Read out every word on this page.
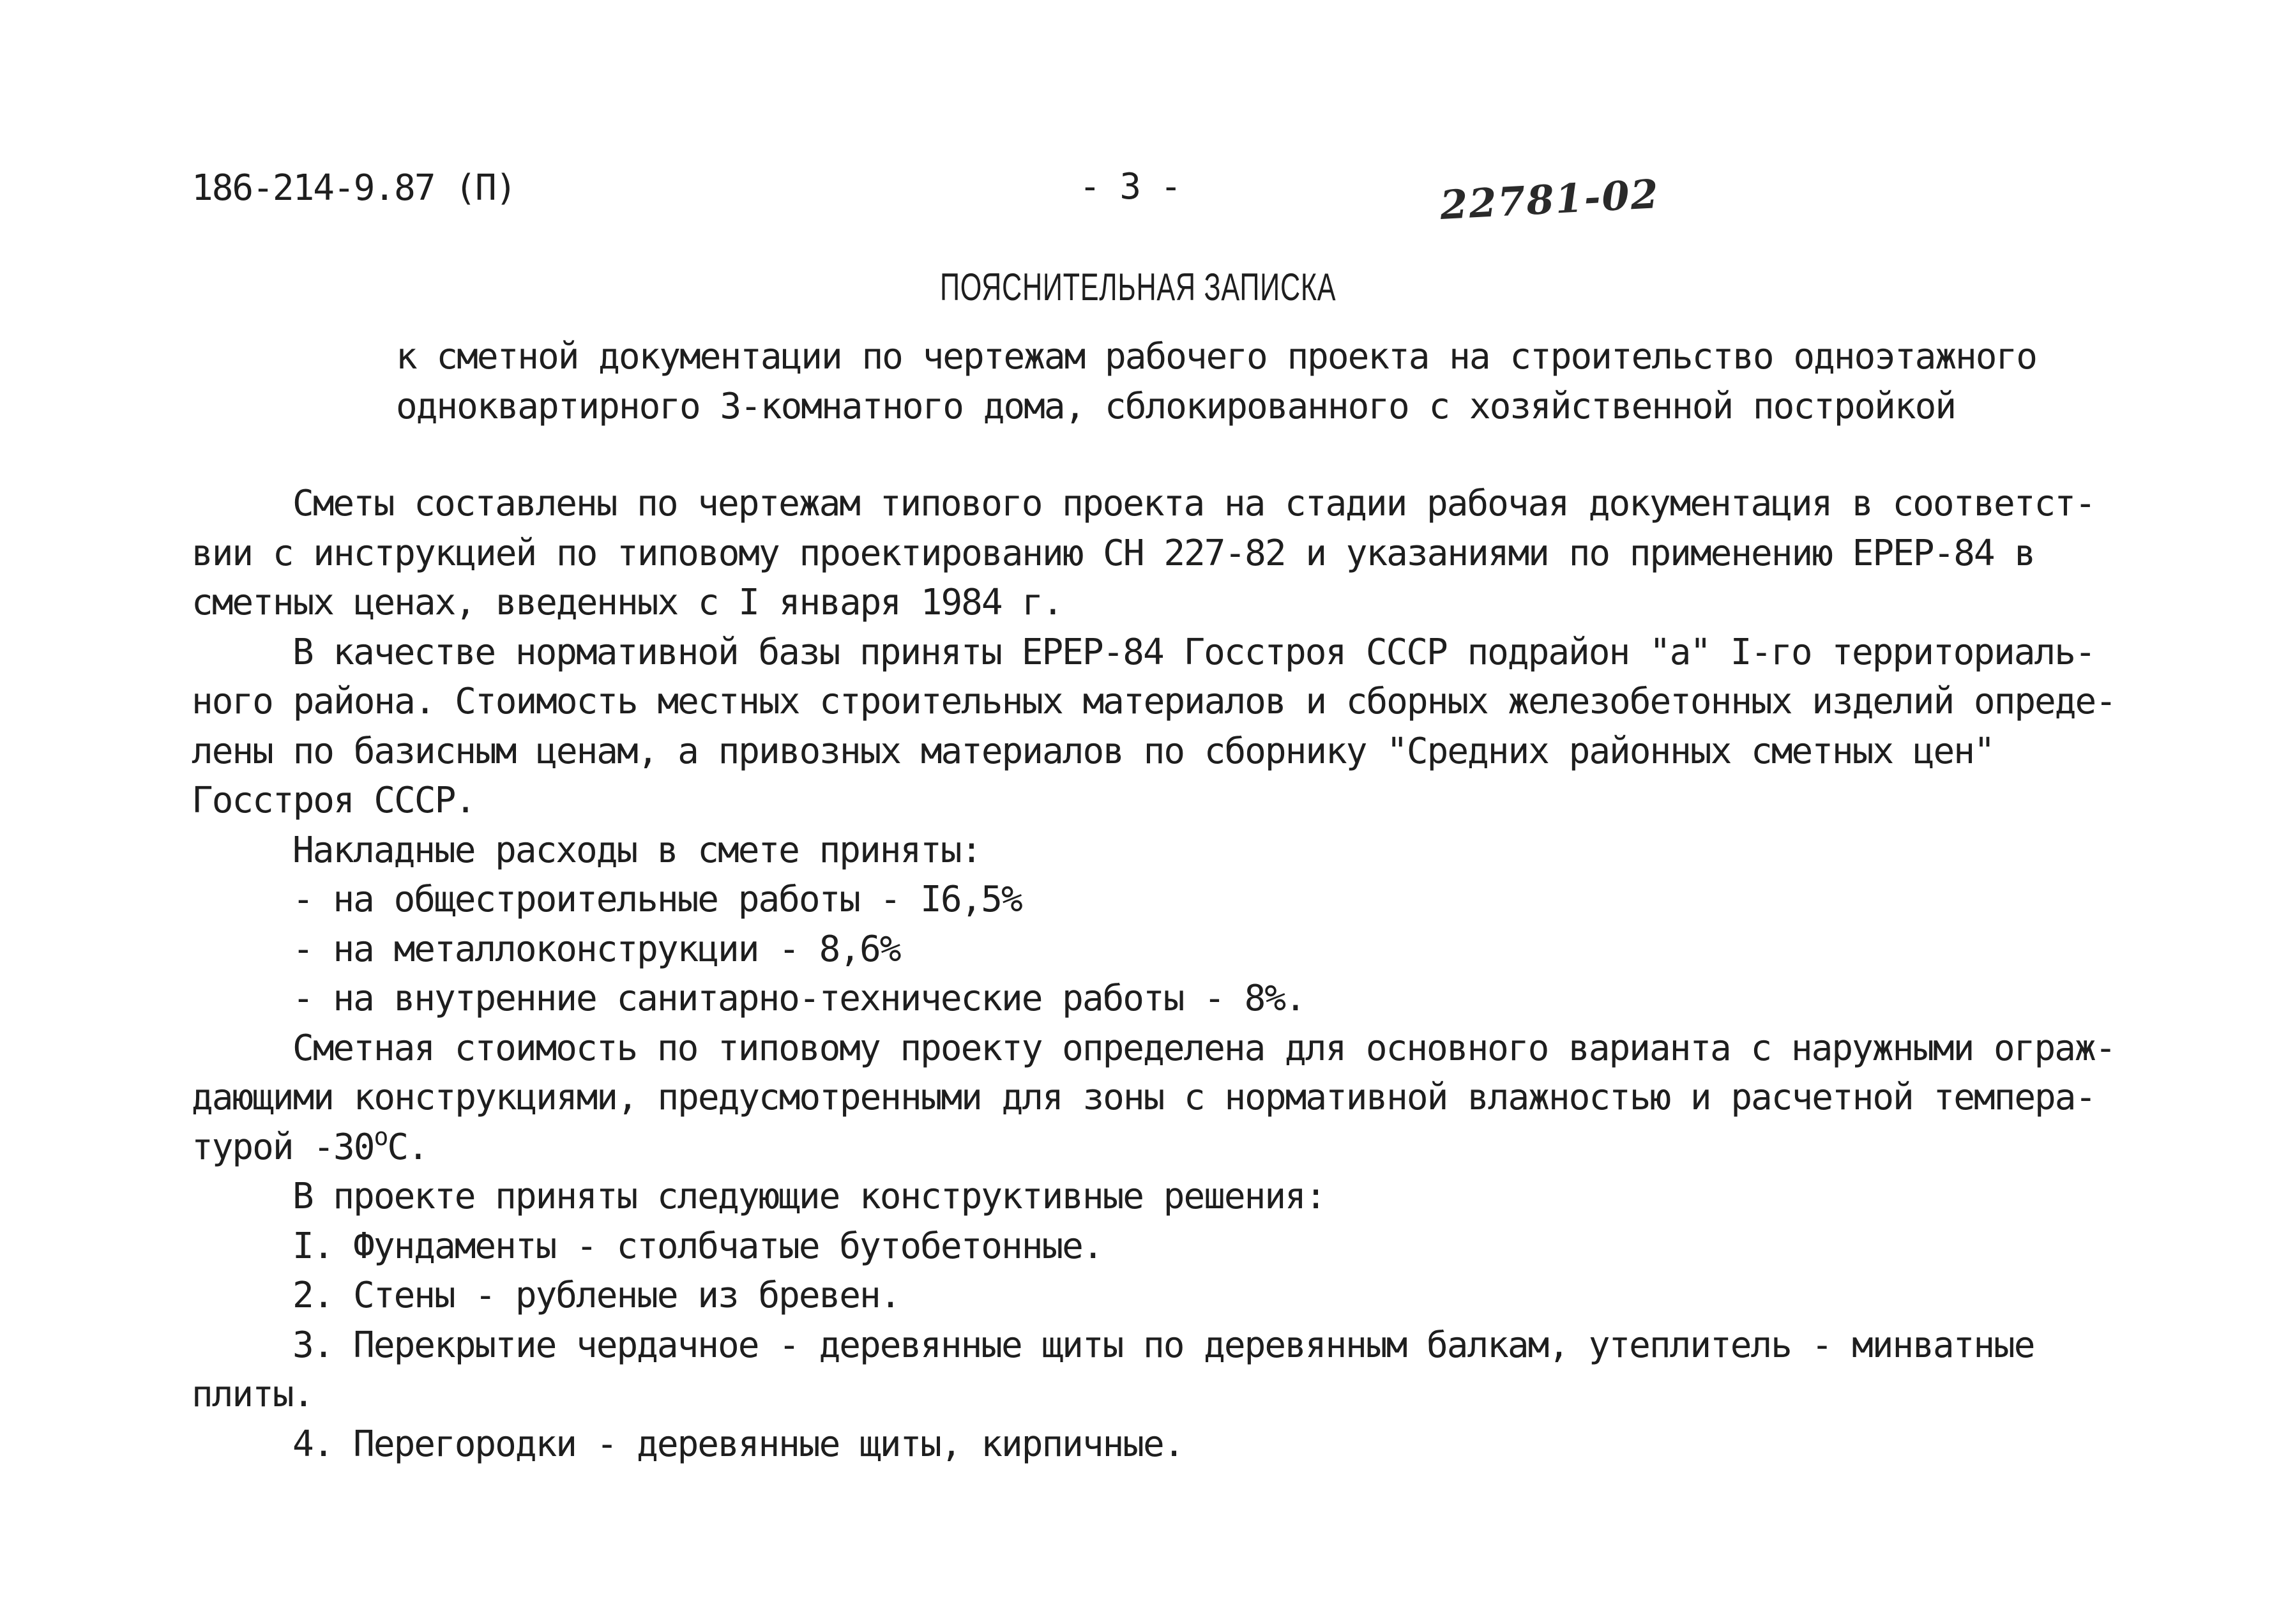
186-214-9.87 (П)	- 3 -	22781-02
ПОЯСНИТЕЛЬНАЯ ЗАПИСКА
к сметной документации по чертежам рабочего проекта на строительство одноэтажного
одноквартирного 3-комнатного дома, сблокированного с хозяйственной постройкой
Сметы составлены по чертежам типового проекта на стадии рабочая документация в соответст-
вии с инструкцией по типовому проектированию СН 227-82 и указаниями по применению ЕРЕР-84 в
сметных ценах, введенных с I января 1984 г.
В качестве нормативной базы приняты ЕРЕР-84 Госстроя СССР подрайон "а" I-го территориаль-
ного района. Стоимость местных строительных материалов и сборных железобетонных изделий опреде-
лены по базисным ценам, а привозных материалов по сборнику "Средних районных сметных цен"
Госстроя СССР.
Накладные расходы в смете приняты:
- на общестроительные работы - I6,5%
- на металлоконструкции - 8,6%
- на внутренние санитарно-технические работы - 8%.
Сметная стоимость по типовому проекту определена для основного варианта с наружными ограж-
дающими конструкциями, предусмотренными для зоны с нормативной влажностью и расчетной темпера-
турой $-30^оС$.
В проекте приняты следующие конструктивные решения:
I. Фундаменты - столбчатые бутобетонные.
2. Стены - рубленые из бревен.
3. Перекрытие чердачное - деревянные щиты по деревянным балкам, утеплитель - минватные
плиты.
4. Перегородки - деревянные щиты, кирпичные.
